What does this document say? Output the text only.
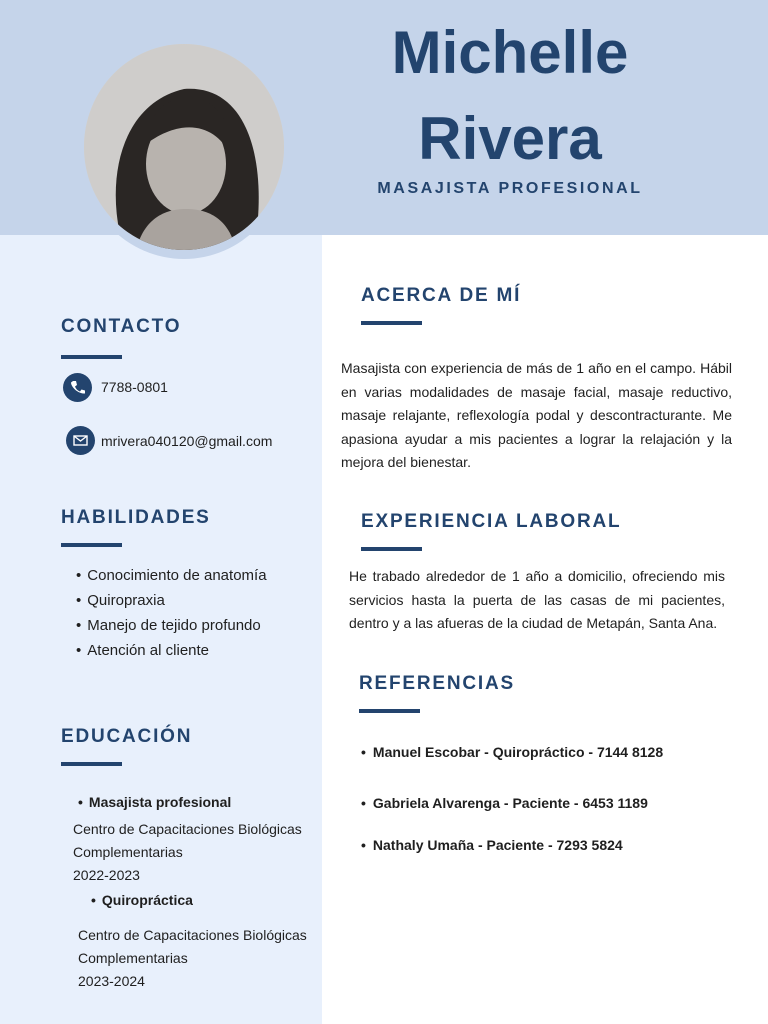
Michelle
Rivera
MASAJISTA PROFESIONAL
CONTACTO
7788-0801
mrivera040120@gmail.com
HABILIDADES
• Conocimiento de anatomía
• Quiropraxia
• Manejo de tejido profundo
• Atención al cliente
EDUCACIÓN
• Masajista profesional
Centro de Capacitaciones Biológicas Complementarias
2022-2023
• Quiropráctica
Centro de Capacitaciones Biológicas Complementarias
2023-2024
ACERCA DE MÍ
Masajista con experiencia de más de 1 año en el campo. Hábil en varias modalidades de masaje facial, masaje reductivo, masaje relajante, reflexología podal y descontracturante. Me apasiona ayudar a mis pacientes a lograr la relajación y la mejora del bienestar.
EXPERIENCIA LABORAL
He trabado alrededor de 1 año a domicilio, ofreciendo mis servicios hasta la puerta de las casas de mi pacientes, dentro y a las afueras de la ciudad de Metapán, Santa Ana.
REFERENCIAS
• Manuel Escobar - Quiropráctico - 7144 8128
• Gabriela Alvarenga - Paciente - 6453 1189
• Nathaly Umaña - Paciente - 7293 5824
